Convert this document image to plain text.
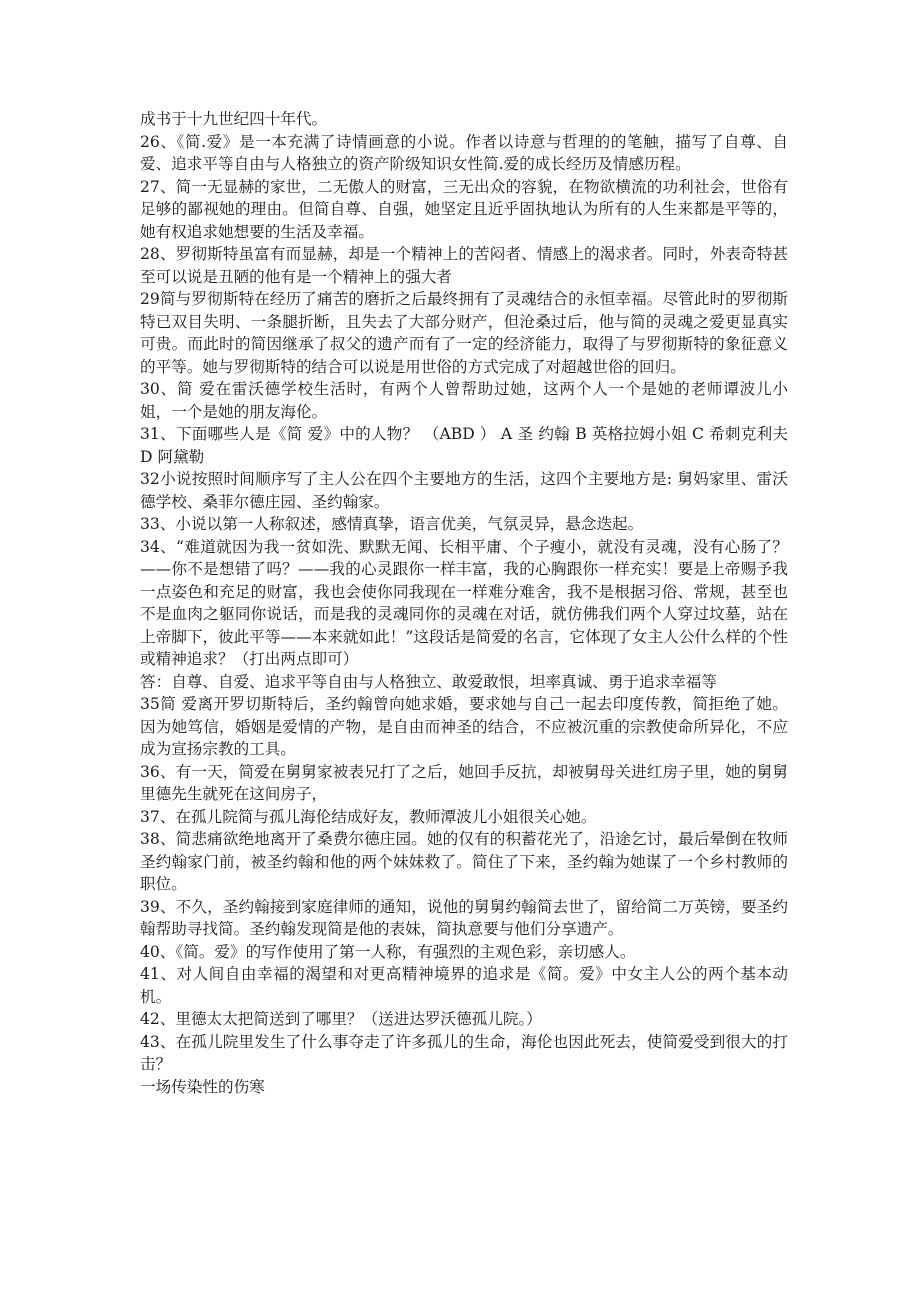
成书于十九世纪四十年代。

26、《简.爱》是一本充满了诗情画意的小说。作者以诗意与哲理的的笔触，描写了自尊、自爱、追求平等自由与人格独立的资产阶级知识女性简.爱的成长经历及情感历程。

27、简一无显赫的家世，二无傲人的财富，三无出众的容貌，在物欲横流的功利社会，世俗有足够的鄙视她的理由。但简自尊、自强，她坚定且近乎固执地认为所有的人生来都是平等的，她有权追求她想要的生活及幸福。

28、罗彻斯特虽富有而显赫，却是一个精神上的苦闷者、情感上的渴求者。同时，外表奇特甚至可以说是丑陋的他有是一个精神上的强大者

29简与罗彻斯特在经历了痛苦的磨折之后最终拥有了灵魂结合的永恒幸福。尽管此时的罗彻斯特已双目失明、一条腿折断，且失去了大部分财产，但沧桑过后，他与简的灵魂之爱更显真实可贵。而此时的简因继承了叔父的遗产而有了一定的经济能力，取得了与罗彻斯特的象征意义的平等。她与罗彻斯特的结合可以说是用世俗的方式完成了对超越世俗的回归。

30、简 爱在雷沃德学校生活时，有两个人曾帮助过她，这两个人一个是她的老师谭波儿小姐，一个是她的朋友海伦。

31、下面哪些人是《简 爱》中的人物？ （ABD ） A 圣 约翰 B 英格拉姆小姐 C 希刺克利夫 D 阿黛勒

32小说按照时间顺序写了主人公在四个主要地方的生活，这四个主要地方是: 舅妈家里、雷沃德学校、桑菲尔德庄园、圣约翰家。

33、小说以第一人称叙述，感情真挚，语言优美，气氛灵异，悬念迭起。

34、“难道就因为我一贫如洗、默默无闻、长相平庸、个子瘦小，就没有灵魂，没有心肠了？——你不是想错了吗？——我的心灵跟你一样丰富，我的心胸跟你一样充实！要是上帝赐予我一点姿色和充足的财富，我也会使你同我现在一样难分难舍，我不是根据习俗、常规，甚至也不是血肉之躯同你说话，而是我的灵魂同你的灵魂在对话，就仿佛我们两个人穿过坟墓，站在上帝脚下，彼此平等——本来就如此！”这段话是简爱的名言，它体现了女主人公什么样的个性或精神追求？（打出两点即可）

答：自尊、自爱、追求平等自由与人格独立、敢爱敢恨，坦率真诚、勇于追求幸福等

35简 爱离开罗切斯特后，圣约翰曾向她求婚，要求她与自己一起去印度传教，简拒绝了她。因为她笃信，婚姻是爱情的产物，是自由而神圣的结合，不应被沉重的宗教使命所异化，不应成为宣扬宗教的工具。

36、有一天，简爱在舅舅家被表兄打了之后，她回手反抗，却被舅母关进红房子里，她的舅舅里德先生就死在这间房子，

37、在孤儿院简与孤儿海伦结成好友，教师潭波儿小姐很关心她。

38、简悲痛欲绝地离开了桑费尔德庄园。她的仅有的积蓄花光了，沿途乞讨，最后晕倒在牧师圣约翰家门前，被圣约翰和他的两个妹妹救了。简住了下来，圣约翰为她谋了一个乡村教师的职位。

39、不久，圣约翰接到家庭律师的通知，说他的舅舅约翰简去世了，留给简二万英镑，要圣约翰帮助寻找简。圣约翰发现简是他的表妹，简执意要与他们分享遗产。

40、《简。爱》的写作使用了第一人称，有强烈的主观色彩，亲切感人。

41、对人间自由幸福的渴望和对更高精神境界的追求是《简。爱》中女主人公的两个基本动机。

42、里德太太把简送到了哪里？（送进达罗沃德孤儿院。）

43、在孤儿院里发生了什么事夺走了许多孤儿的生命，海伦也因此死去，使简爱受到很大的打击？

一场传染性的伤寒
